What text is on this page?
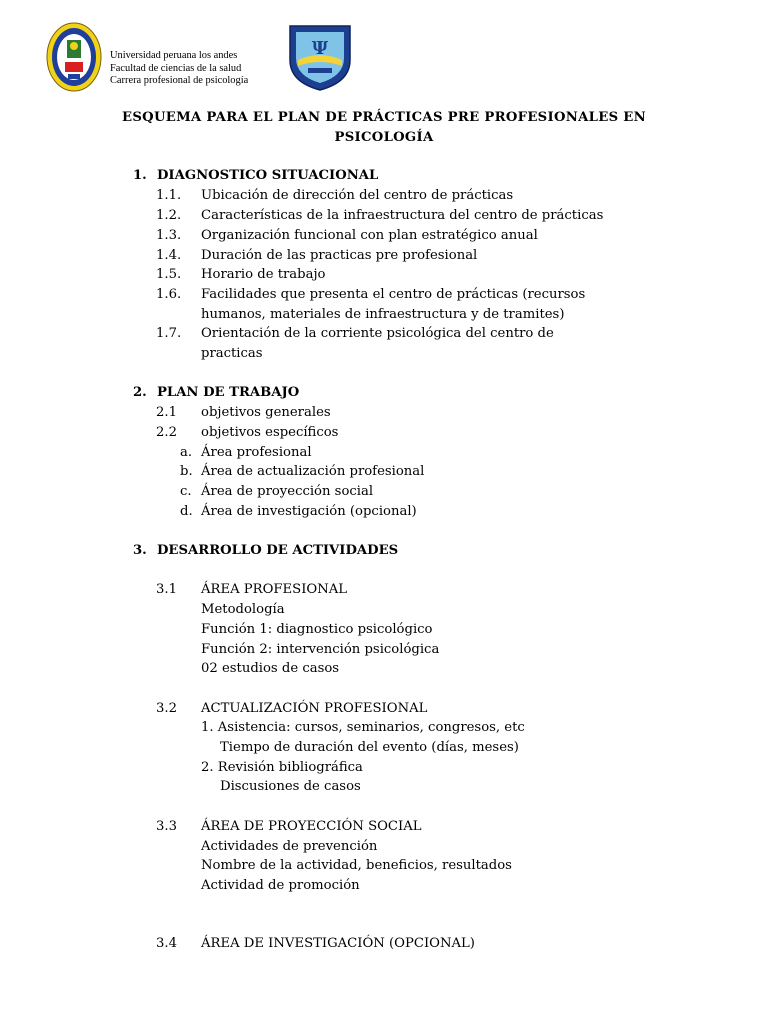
Ψ
Universidad peruana los andes
Facultad de ciencias de la salud
Carrera profesional de psicología
ESQUEMA PARA EL PLAN DE PRÁCTICAS PRE PROFESIONALES EN
PSICOLOGÍA
1. DIAGNOSTICO SITUACIONAL
1.1. Ubicación de dirección del centro de prácticas
1.2. Características de la infraestructura del centro de prácticas
1.3. Organización funcional con plan estratégico anual
1.4. Duración de las practicas pre profesional
1.5. Horario de trabajo
1.6. Facilidades que presenta el centro de prácticas (recursos
humanos, materiales de infraestructura y de tramites)
1.7. Orientación de la corriente psicológica del centro de
practicas
2. PLAN DE TRABAJO
2.1 objetivos generales
2.2 objetivos específicos
a. Área profesional
b. Área de actualización profesional
c. Área de proyección social
d. Área de investigación (opcional)
3. DESARROLLO DE ACTIVIDADES
3.1 ÁREA PROFESIONAL
Metodología
Función 1: diagnostico psicológico
Función 2: intervención psicológica
02 estudios de casos
3.2 ACTUALIZACIÓN PROFESIONAL
1. Asistencia: cursos, seminarios, congresos, etc
Tiempo de duración del evento (días, meses)
2. Revisión bibliográfica
Discusiones de casos
3.3 ÁREA DE PROYECCIÓN SOCIAL
Actividades de prevención
Nombre de la actividad, beneficios, resultados
Actividad de promoción
3.4 ÁREA DE INVESTIGACIÓN (OPCIONAL)
